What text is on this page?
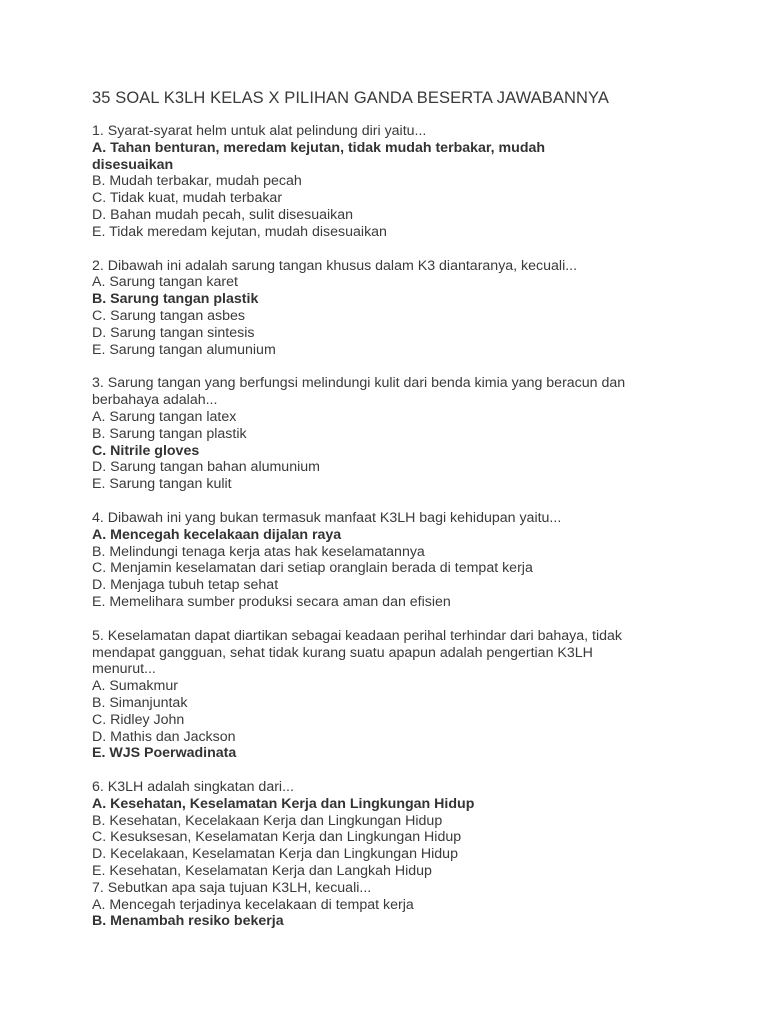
35 SOAL K3LH KELAS X PILIHAN GANDA BESERTA JAWABANNYA
1. Syarat-syarat helm untuk alat pelindung diri yaitu...
A. Tahan benturan, meredam kejutan, tidak mudah terbakar, mudah
disesuaikan
B. Mudah terbakar, mudah pecah
C. Tidak kuat, mudah terbakar
D. Bahan mudah pecah, sulit disesuaikan
E. Tidak meredam kejutan, mudah disesuaikan
2. Dibawah ini adalah sarung tangan khusus dalam K3 diantaranya, kecuali...
A. Sarung tangan karet
B. Sarung tangan plastik
C. Sarung tangan asbes
D. Sarung tangan sintesis
E. Sarung tangan alumunium
3. Sarung tangan yang berfungsi melindungi kulit dari benda kimia yang beracun dan
berbahaya adalah...
A. Sarung tangan latex
B. Sarung tangan plastik
C. Nitrile gloves
D. Sarung tangan bahan alumunium
E. Sarung tangan kulit
4. Dibawah ini yang bukan termasuk manfaat K3LH bagi kehidupan yaitu...
A. Mencegah kecelakaan dijalan raya
B. Melindungi tenaga kerja atas hak keselamatannya
C. Menjamin keselamatan dari setiap oranglain berada di tempat kerja
D. Menjaga tubuh tetap sehat
E. Memelihara sumber produksi secara aman dan efisien
5. Keselamatan dapat diartikan sebagai keadaan perihal terhindar dari bahaya, tidak
mendapat gangguan, sehat tidak kurang suatu apapun adalah pengertian K3LH
menurut...
A. Sumakmur
B. Simanjuntak
C. Ridley John
D. Mathis dan Jackson
E. WJS Poerwadinata
6. K3LH adalah singkatan dari...
A. Kesehatan, Keselamatan Kerja dan Lingkungan Hidup
B. Kesehatan, Kecelakaan Kerja dan Lingkungan Hidup
C. Kesuksesan, Keselamatan Kerja dan Lingkungan Hidup
D. Kecelakaan, Keselamatan Kerja dan Lingkungan Hidup
E. Kesehatan, Keselamatan Kerja dan Langkah Hidup
7. Sebutkan apa saja tujuan K3LH, kecuali...
A. Mencegah terjadinya kecelakaan di tempat kerja
B. Menambah resiko bekerja
